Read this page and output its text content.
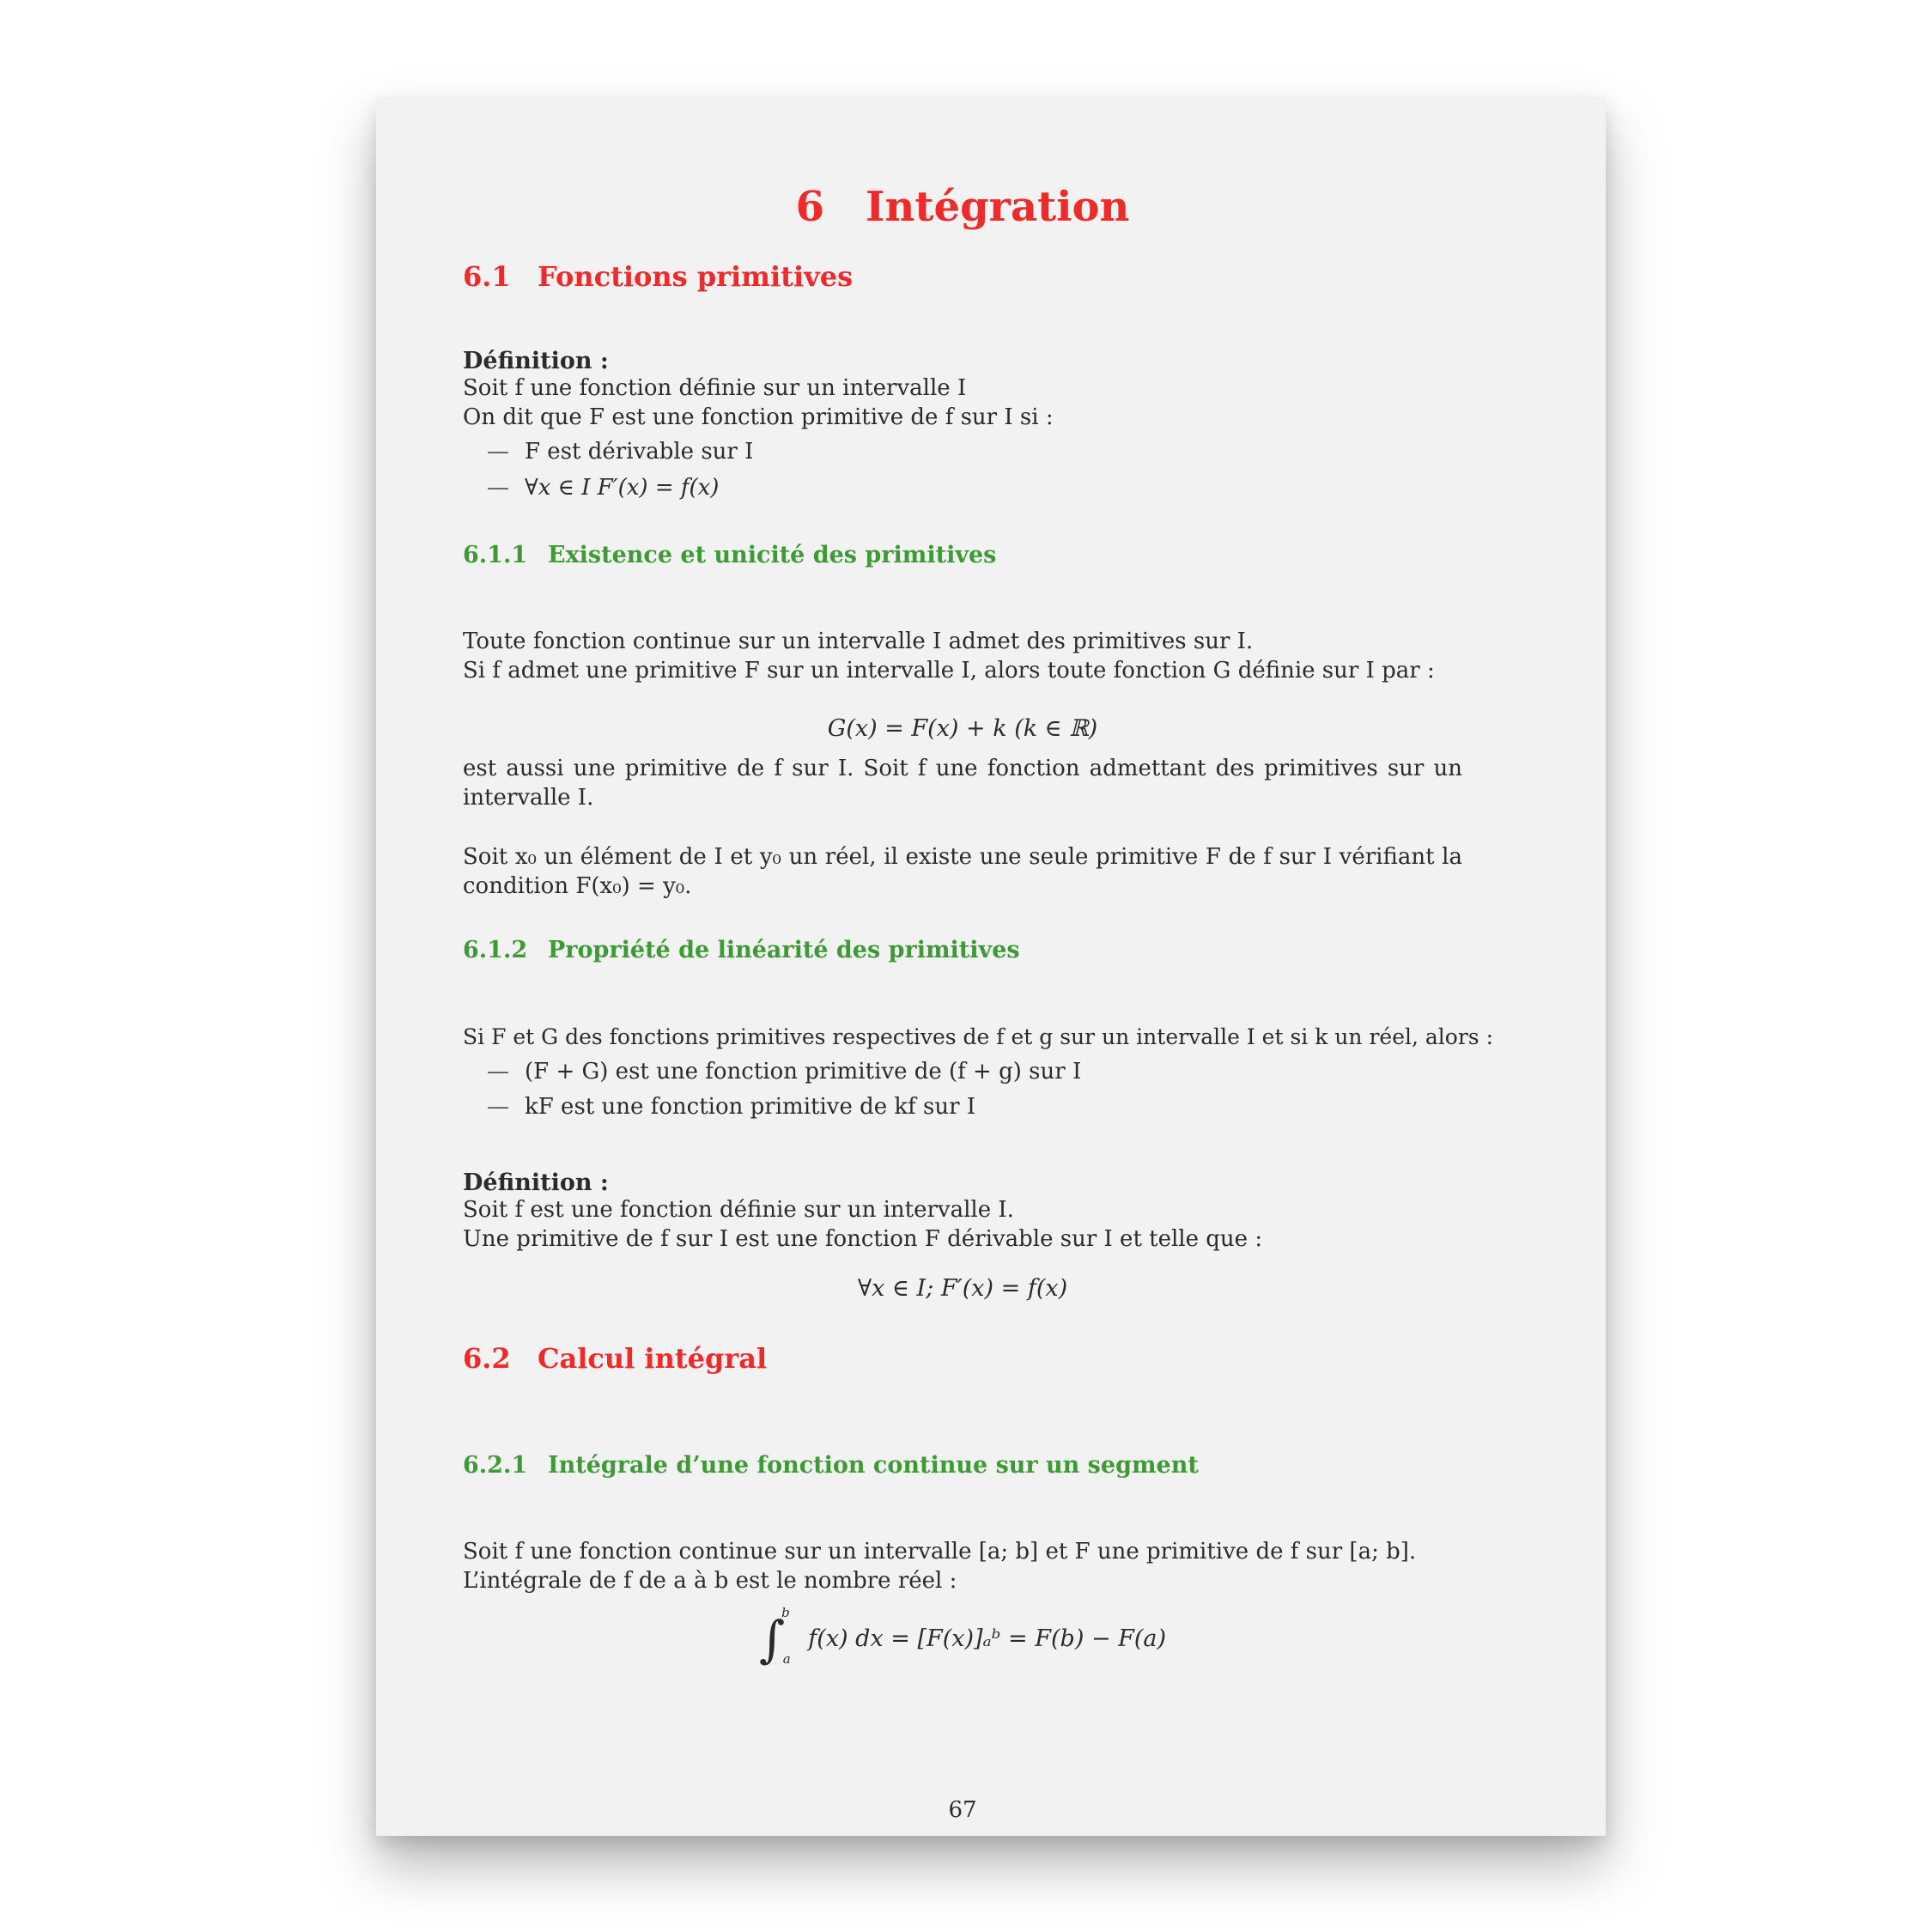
6 Intégration
6.1 Fonctions primitives
Définition :
Soit f une fonction définie sur un intervalle I
On dit que F est une fonction primitive de f sur I si :
— F est dérivable sur I
— ∀x ∈ I F′(x) = f(x)
6.1.1 Existence et unicité des primitives
Toute fonction continue sur un intervalle I admet des primitives sur I.
Si f admet une primitive F sur un intervalle I, alors toute fonction G définie sur I par :
G(x) = F(x) + k (k ∈ ℝ)
est aussi une primitive de f sur I. Soit f une fonction admettant des primitives sur un intervalle I.
Soit x₀ un élément de I et y₀ un réel, il existe une seule primitive F de f sur I vérifiant la condition F(x₀) = y₀.
6.1.2 Propriété de linéarité des primitives
Si F et G des fonctions primitives respectives de f et g sur un intervalle I et si k un réel, alors :
— (F + G) est une fonction primitive de (f + g) sur I
— kF est une fonction primitive de kf sur I
Définition :
Soit f est une fonction définie sur un intervalle I.
Une primitive de f sur I est une fonction F dérivable sur I et telle que :
∀x ∈ I; F′(x) = f(x)
6.2 Calcul intégral
6.2.1 Intégrale d’une fonction continue sur un segment
Soit f une fonction continue sur un intervalle [a; b] et F une primitive de f sur [a; b].
L’intégrale de f de a à b est le nombre réel :
∫$^b_a$ f(x) dx = [F(x)]ₐᵇ = F(b) − F(a)
67
